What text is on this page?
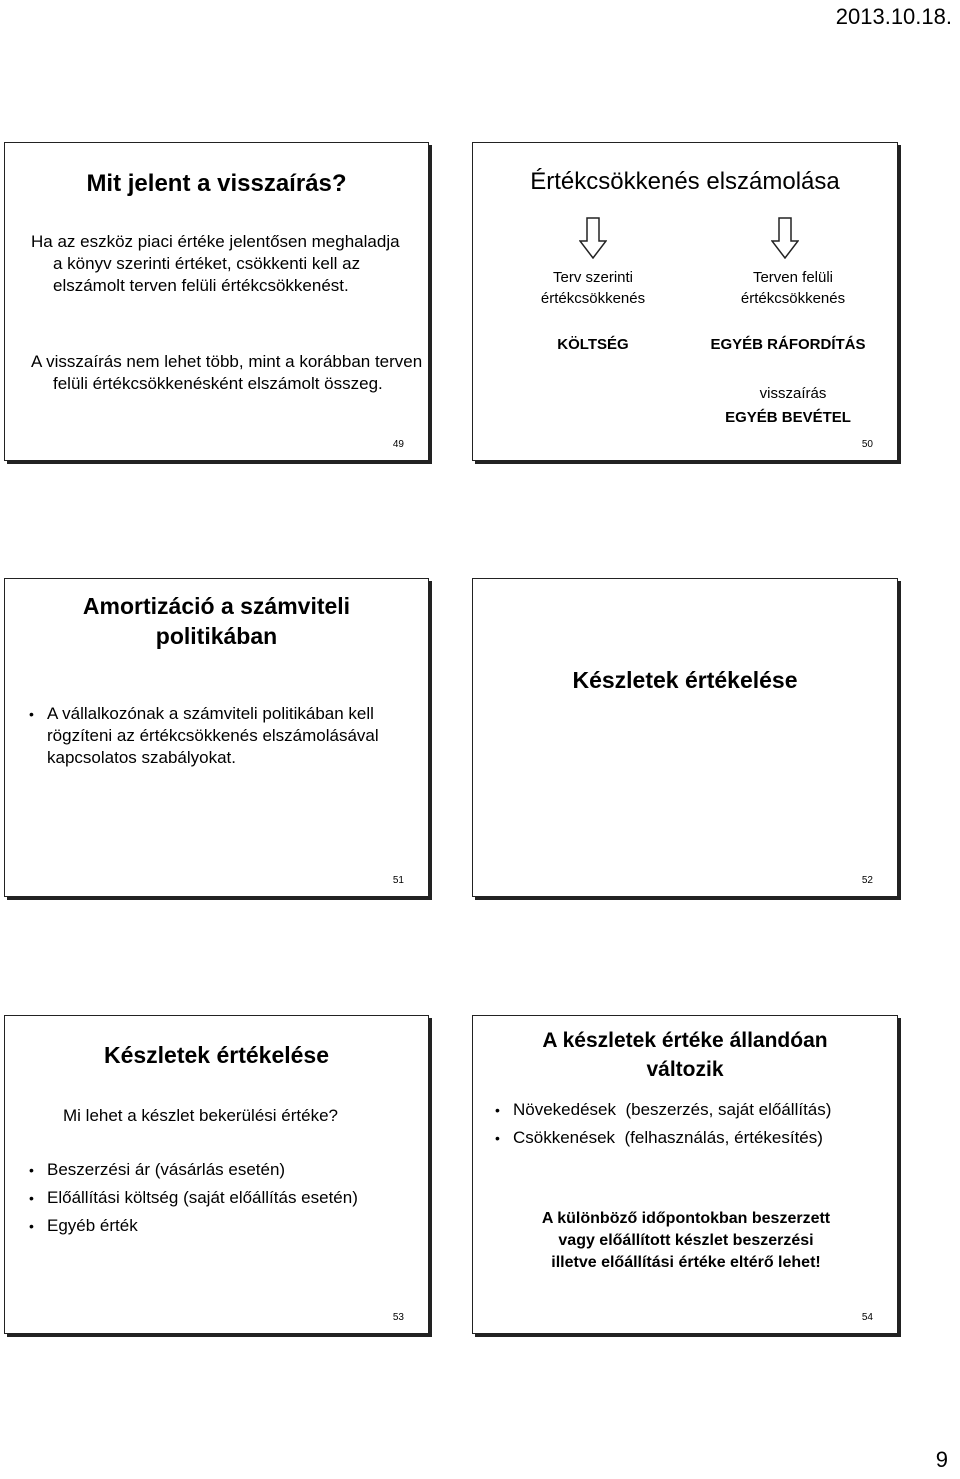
2013.10.18.
Mit jelent a visszaírás?
Ha az eszköz piaci értéke jelentősen meghaladja a könyv szerinti értéket, csökkenti kell az elszámolt terven felüli értékcsökkenést.
A visszaírás nem lehet több, mint a korábban terven felüli értékcsökkenésként elszámolt összeg.
49
Értékcsökkenés elszámolása
Terv szerinti
értékcsökkenés
Terven felüli
értékcsökkenés
KÖLTSÉG	EGYÉB RÁFORDÍTÁS
visszaírás
EGYÉB BEVÉTEL
50
Amortizáció a számviteli
politikában
• A vállalkozónak a számviteli politikában kell rögzíteni az értékcsökkenés elszámolásával kapcsolatos szabályokat.
51
Készletek értékelése
52
Készletek értékelése
Mi lehet a készlet bekerülési értéke?
• Beszerzési ár (vásárlás esetén)
• Előállítási költség (saját előállítás esetén)
• Egyéb érték
53
A készletek értéke állandóan
változik
• Növekedések  (beszerzés, saját előállítás)
• Csökkenések  (felhasználás, értékesítés)
A különböző időpontokban beszerzett
vagy előállított készlet beszerzési
illetve előállítási értéke eltérő lehet!
54
9
